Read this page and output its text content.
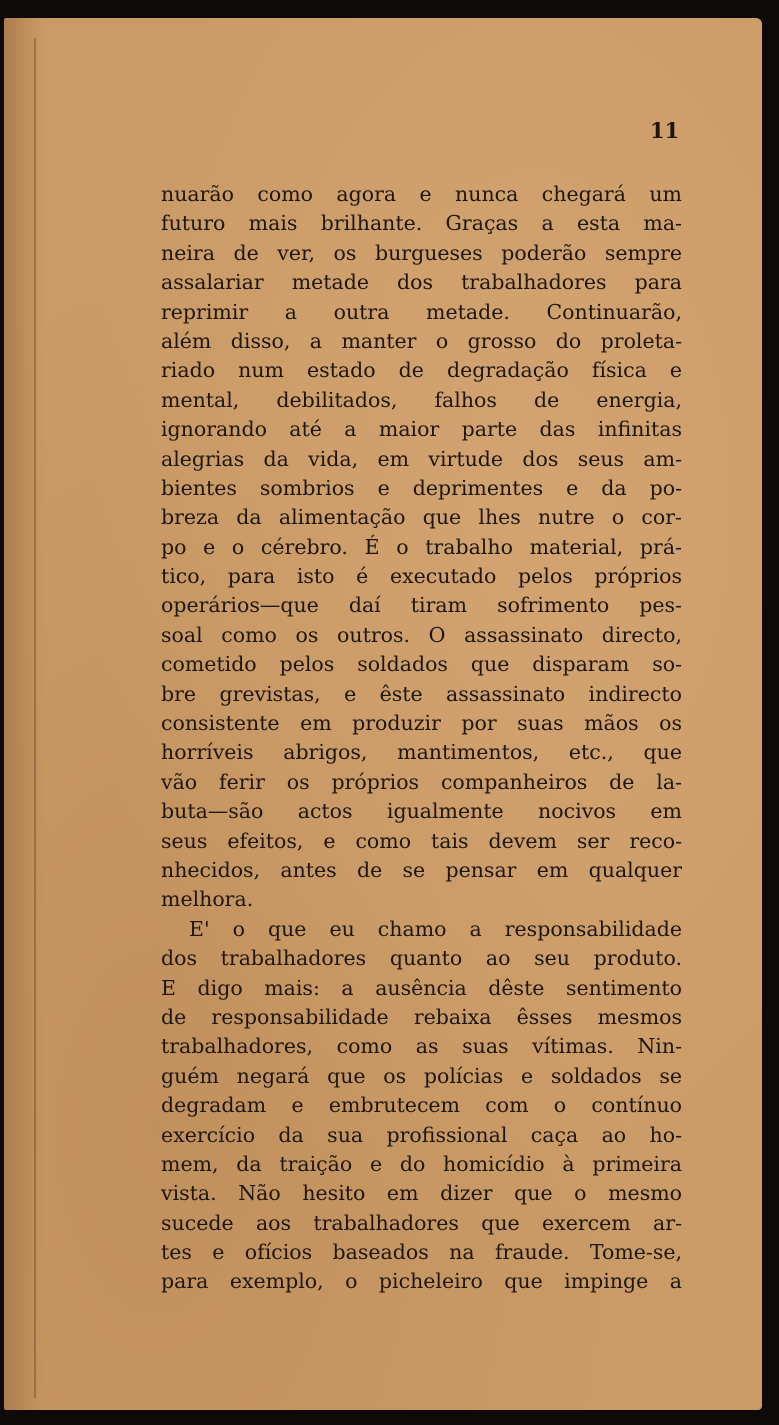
11
nuarão como agora e nunca chegará um
futuro mais brilhante. Graças a esta ma-
neira de ver, os burgueses poderão sempre
assalariar metade dos trabalhadores para
reprimir a outra metade. Continuarão,
além disso, a manter o grosso do proleta-
riado num estado de degradação física e
mental, debilitados, falhos de energia,
ignorando até a maior parte das infinitas
alegrias da vida, em virtude dos seus am-
bientes sombrios e deprimentes e da po-
breza da alimentação que lhes nutre o cor-
po e o cérebro. É o trabalho material, prá-
tico, para isto é executado pelos próprios
operários—que daí tiram sofrimento pes-
soal como os outros. O assassinato directo,
cometido pelos soldados que disparam so-
bre grevistas, e êste assassinato indirecto
consistente em produzir por suas mãos os
horríveis abrigos, mantimentos, etc., que
vão ferir os próprios companheiros de la-
buta—são actos igualmente nocivos em
seus efeitos, e como tais devem ser reco-
nhecidos, antes de se pensar em qualquer
melhora.
E' o que eu chamo a responsabilidade
dos trabalhadores quanto ao seu produto.
E digo mais: a ausência dêste sentimento
de responsabilidade rebaixa êsses mesmos
trabalhadores, como as suas vítimas. Nin-
guém negará que os polícias e soldados se
degradam e embrutecem com o contínuo
exercício da sua profissional caça ao ho-
mem, da traição e do homicídio à primeira
vista. Não hesito em dizer que o mesmo
sucede aos trabalhadores que exercem ar-
tes e ofícios baseados na fraude. Tome-se,
para exemplo, o picheleiro que impinge a
